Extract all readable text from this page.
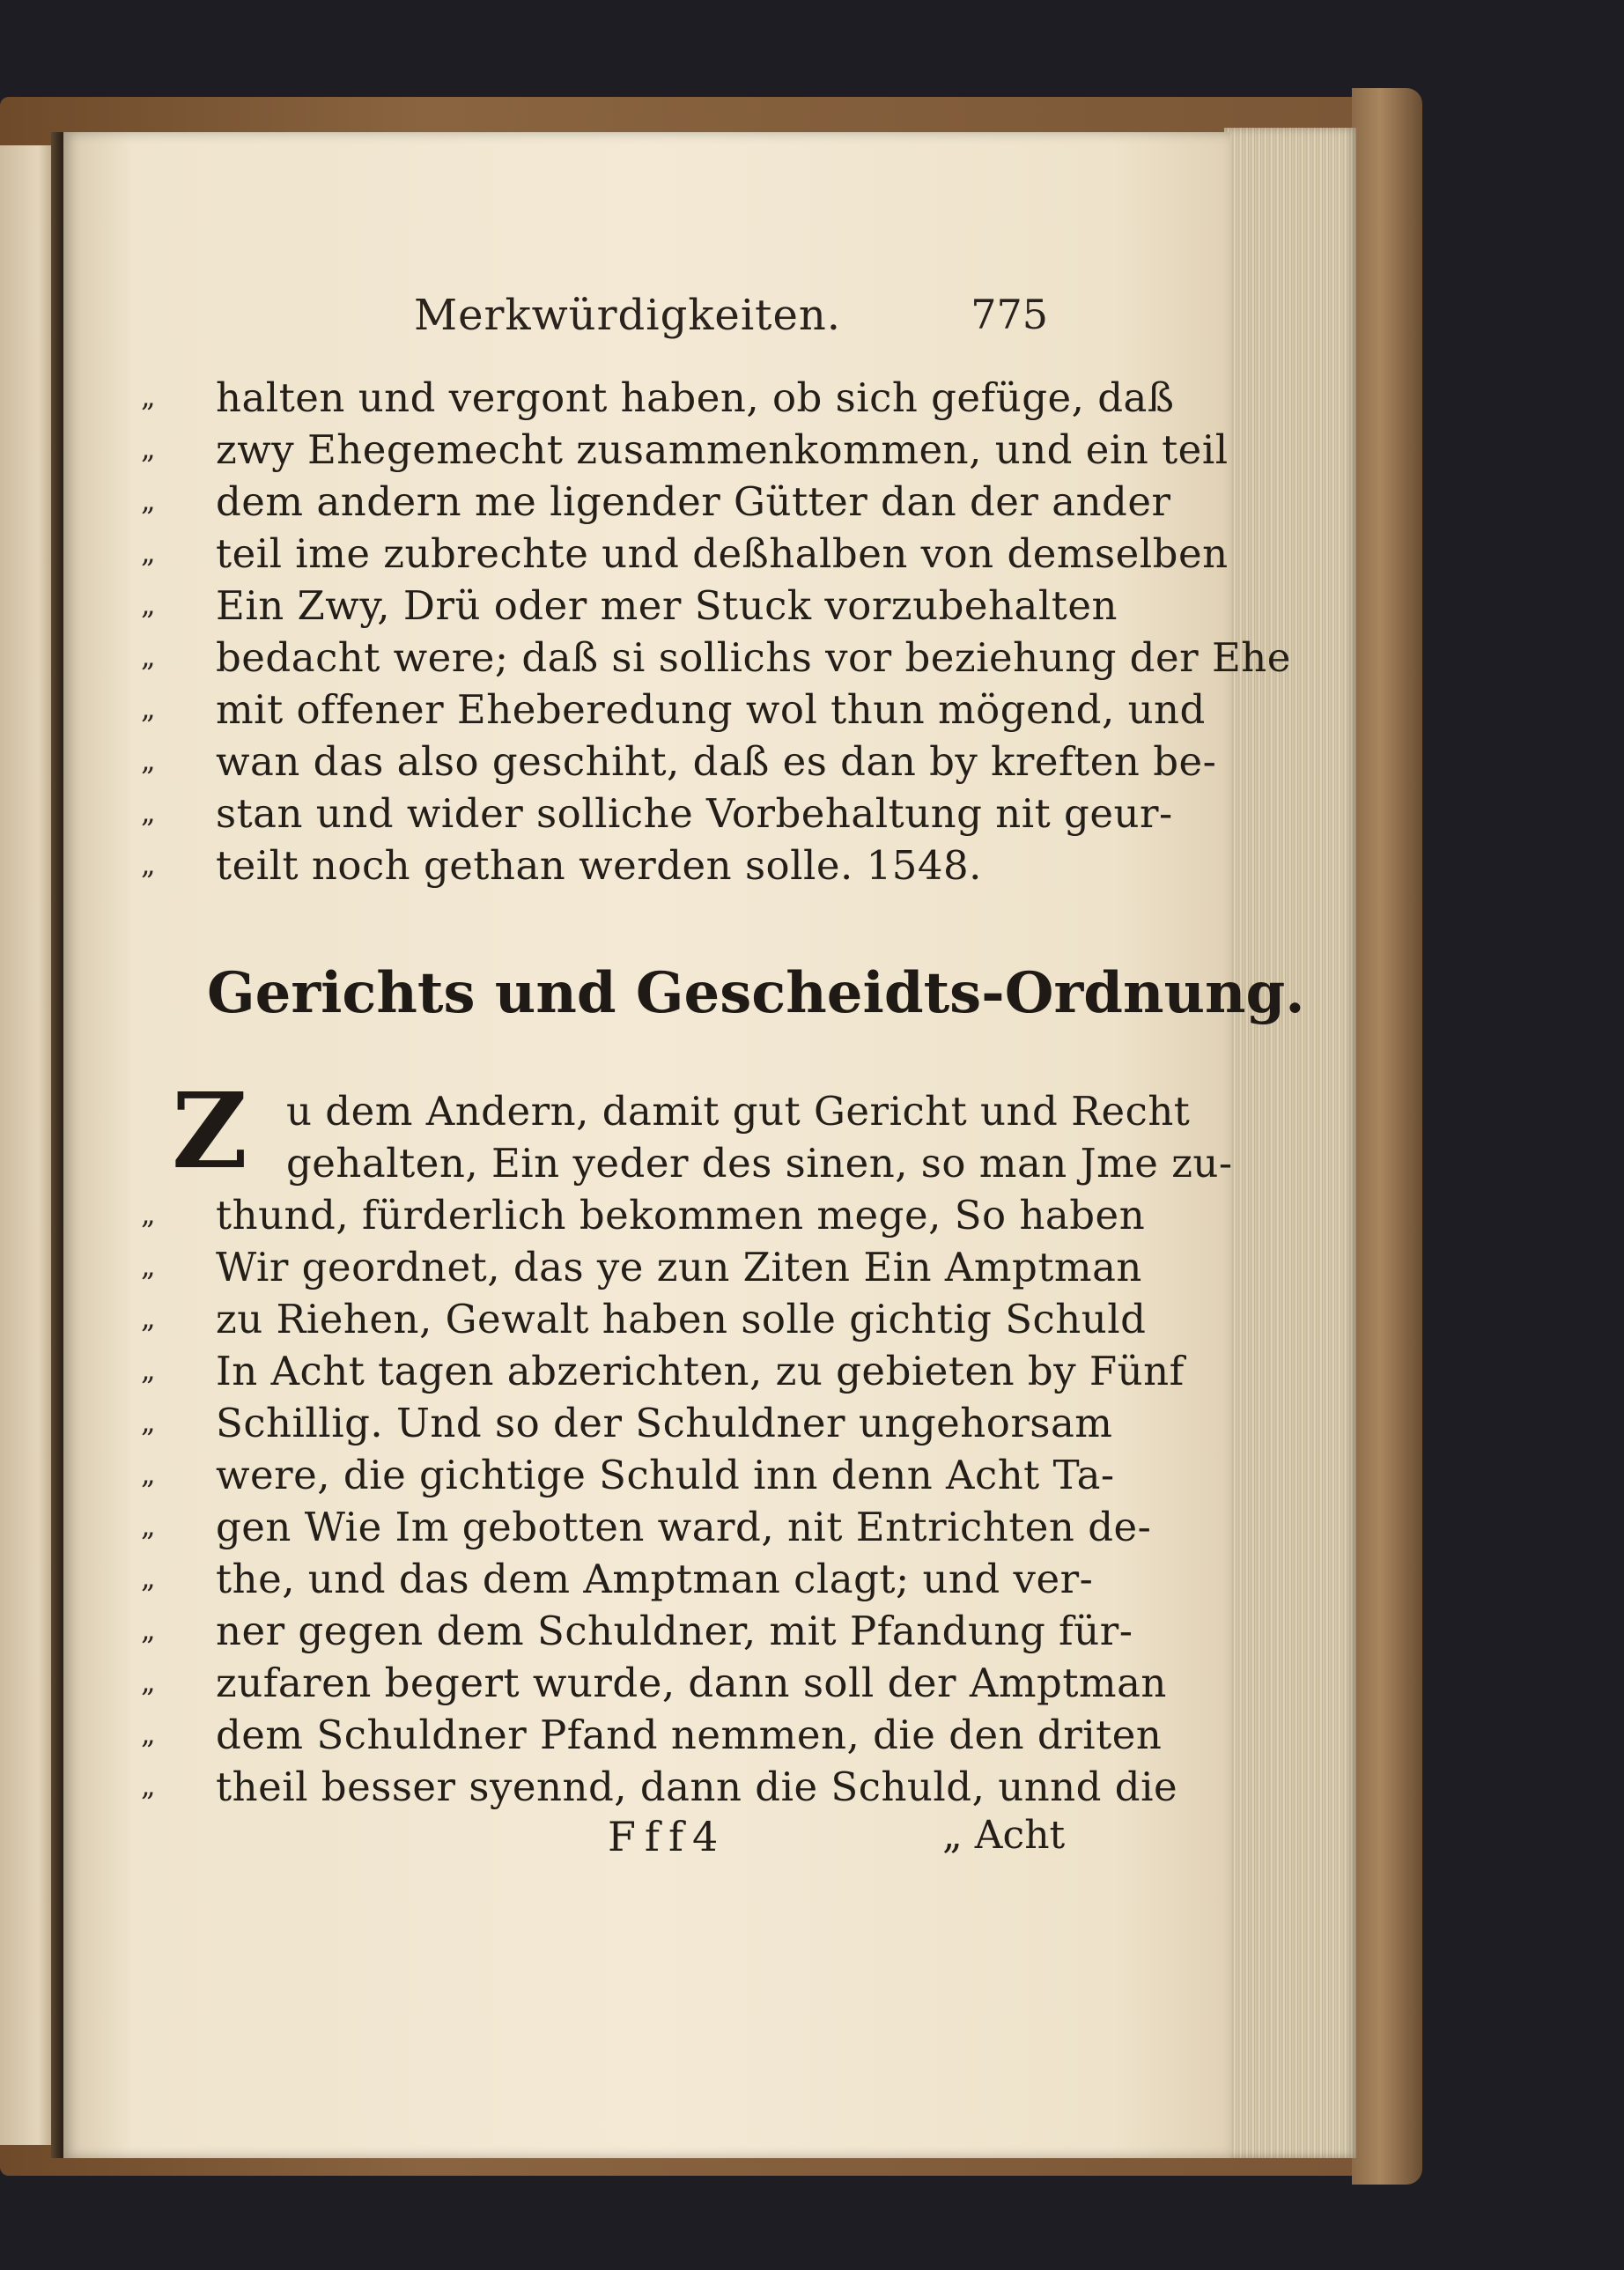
Merkwürdigkeiten.	775
„ halten und vergont haben, ob sich gefüge, daß
„ zwy Ehegemecht zusammenkommen, und ein teil
„ dem andern me ligender Gütter dan der ander
„ teil ime zubrechte und deßhalben von demselben
„ Ein Zwy, Drü oder mer Stuck vorzubehalten
„ bedacht were; daß si sollichs vor beziehung der Ehe
„ mit offener Eheberedung wol thun mögend, und
„ wan das also geschiht, daß es dan by kreften be-
„ stan und wider solliche Vorbehaltung nit geur-
„ teilt noch gethan werden solle. 1548.
Gerichts und Gescheidts-Ordnung.
Z u dem Andern, damit gut Gericht und Recht
gehalten, Ein yeder des sinen, so man Jme zu-
„ thund, fürderlich bekommen mege, So haben
„ Wir geordnet, das ye zun Ziten Ein Amptman
„ zu Riehen, Gewalt haben solle gichtig Schuld
„ In Acht tagen abzerichten, zu gebieten by Fünf
„ Schillig. Und so der Schuldner ungehorsam
„ were, die gichtige Schuld inn denn Acht Ta-
„ gen Wie Im gebotten ward, nit Entrichten de-
„ the, und das dem Amptman clagt; und ver-
„ ner gegen dem Schuldner, mit Pfandung für-
„ zufaren begert wurde, dann soll der Amptman
„ dem Schuldner Pfand nemmen, die den driten
„ theil besser syennd, dann die Schuld, unnd die
Fff4	„ Acht
